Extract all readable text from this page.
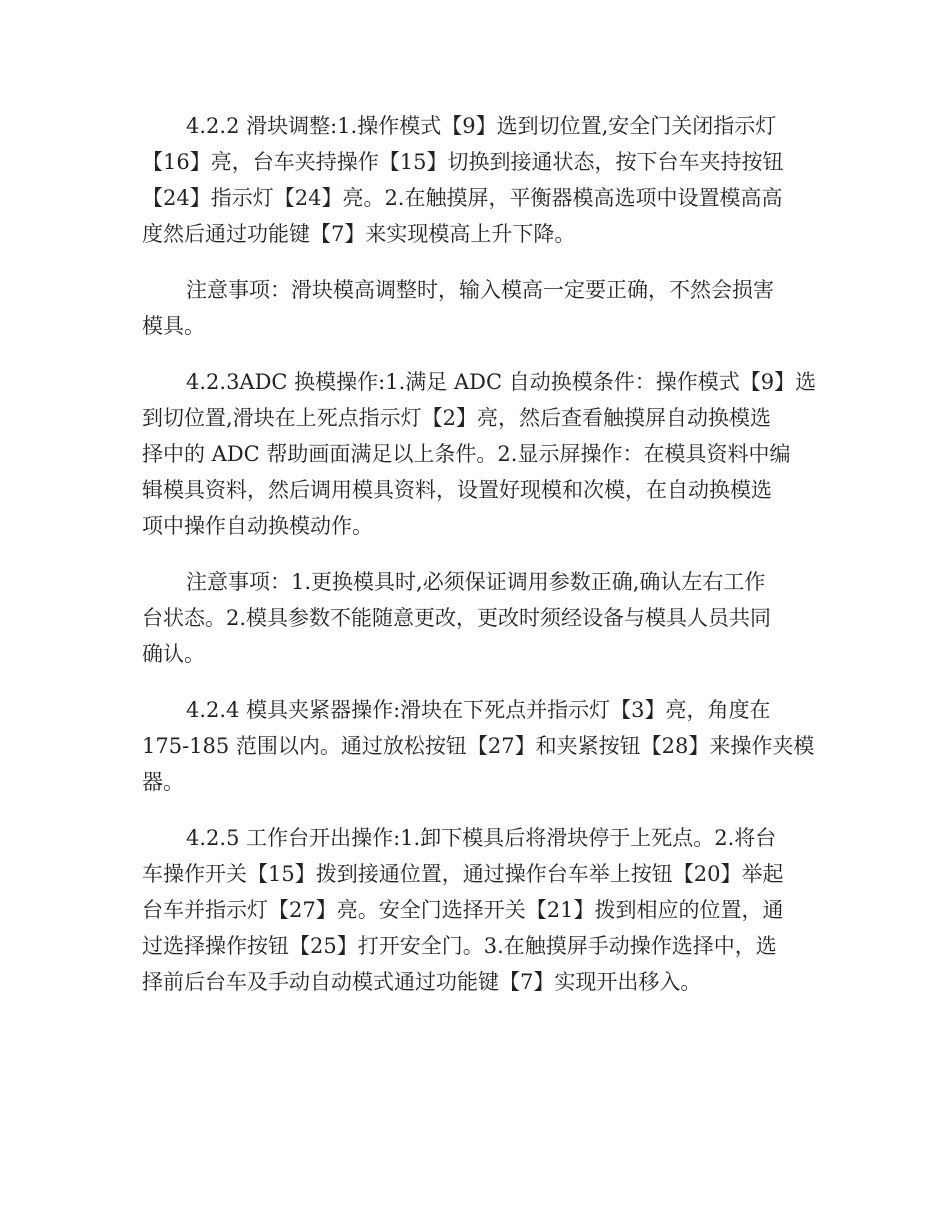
4.2.2 滑块调整:1.操作模式【9】选到切位置,安全门关闭指示灯
【16】亮，台车夹持操作【15】切换到接通状态，按下台车夹持按钮
【24】指示灯【24】亮。2.在触摸屏，平衡器模高选项中设置模高高
度然后通过功能键【7】来实现模高上升下降。

注意事项：滑块模高调整时，输入模高一定要正确，不然会损害
模具。

4.2.3ADC 换模操作:1.满足 ADC 自动换模条件：操作模式【9】选
到切位置,滑块在上死点指示灯【2】亮，然后查看触摸屏自动换模选
择中的 ADC 帮助画面满足以上条件。2.显示屏操作：在模具资料中编
辑模具资料，然后调用模具资料，设置好现模和次模，在自动换模选
项中操作自动换模动作。

注意事项：1.更换模具时,必须保证调用参数正确,确认左右工作
台状态。2.模具参数不能随意更改，更改时须经设备与模具人员共同
确认。

4.2.4 模具夹紧器操作:滑块在下死点并指示灯【3】亮，角度在
175-185 范围以内。通过放松按钮【27】和夹紧按钮【28】来操作夹模
器。

4.2.5 工作台开出操作:1.卸下模具后将滑块停于上死点。2.将台
车操作开关【15】拨到接通位置，通过操作台车举上按钮【20】举起
台车并指示灯【27】亮。安全门选择开关【21】拨到相应的位置，通
过选择操作按钮【25】打开安全门。3.在触摸屏手动操作选择中，选
择前后台车及手动自动模式通过功能键【7】实现开出移入。
